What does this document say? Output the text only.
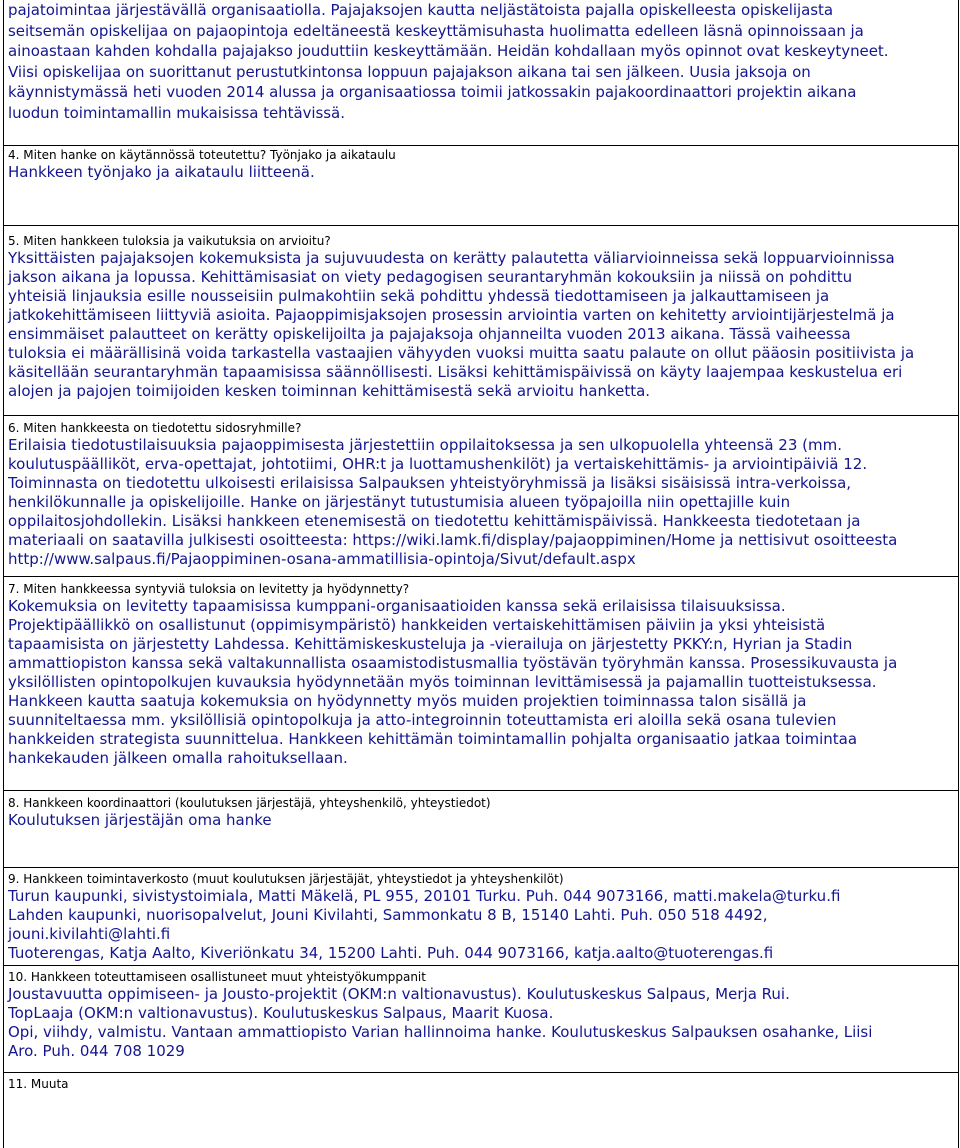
pajatoimintaa järjestävällä organisaatiolla. Pajajaksojen kautta neljästätoista pajalla opiskelleesta opiskelijasta

seitsemän opiskelijaa on pajaopintoja edeltäneestä keskeyttämisuhasta huolimatta edelleen läsnä opinnoissaan ja

ainoastaan kahden kohdalla pajajakso jouduttiin keskeyttämään. Heidän kohdallaan myös opinnot ovat keskeytyneet.

Viisi opiskelijaa on suorittanut perustutkintonsa loppuun pajajakson aikana tai sen jälkeen. Uusia jaksoja on

käynnistymässä heti vuoden 2014 alussa ja organisaatiossa toimii jatkossakin pajakoordinaattori projektin aikana

luodun toimintamallin mukaisissa tehtävissä.

4. Miten hanke on käytännössä toteutettu? Työnjako ja aikataulu

Hankkeen työnjako ja aikataulu liitteenä.

5. Miten hankkeen tuloksia ja vaikutuksia on arvioitu?

Yksittäisten pajajaksojen kokemuksista ja sujuvuudesta on kerätty palautetta väliarvioinneissa sekä loppuarvioinnissa

jakson aikana ja lopussa. Kehittämisasiat on viety pedagogisen seurantaryhmän kokouksiin ja niissä on pohdittu

yhteisiä linjauksia esille nousseisiin pulmakohtiin sekä pohdittu yhdessä tiedottamiseen ja jalkauttamiseen ja

jatkokehittämiseen liittyviä asioita. Pajaoppimisjaksojen prosessin arviointia varten on kehitetty arviointijärjestelmä ja

ensimmäiset palautteet on kerätty opiskelijoilta ja pajajaksoja ohjanneilta vuoden 2013 aikana. Tässä vaiheessa

tuloksia ei määrällisinä voida tarkastella vastaajien vähyyden vuoksi muitta saatu palaute on ollut pääosin positiivista ja

käsitellään seurantaryhmän tapaamisissa säännöllisesti. Lisäksi kehittämispäivissä on käyty laajempaa keskustelua eri

alojen ja pajojen toimijoiden kesken toiminnan kehittämisestä sekä arvioitu hanketta.

6. Miten hankkeesta on tiedotettu sidosryhmille?

Erilaisia tiedotustilaisuuksia pajaoppimisesta järjestettiin oppilaitoksessa ja sen ulkopuolella yhteensä 23 (mm.

koulutuspäälliköt, erva-opettajat, johtotiimi, OHR:t ja luottamushenkilöt) ja vertaiskehittämis- ja arviointipäiviä 12.

Toiminnasta on tiedotettu ulkoisesti erilaisissa Salpauksen yhteistyöryhmissä ja lisäksi sisäisissä intra-verkoissa,

henkilökunnalle ja opiskelijoille. Hanke on järjestänyt tutustumisia alueen työpajoilla niin opettajille kuin

oppilaitosjohdollekin. Lisäksi hankkeen etenemisestä on tiedotettu kehittämispäivissä. Hankkeesta tiedotetaan ja

materiaali on saatavilla julkisesti osoitteesta: https://wiki.lamk.fi/display/pajaoppiminen/Home ja nettisivut osoitteesta

http://www.salpaus.fi/Pajaoppiminen-osana-ammatillisia-opintoja/Sivut/default.aspx

7. Miten hankkeessa syntyviä tuloksia on levitetty ja hyödynnetty?

Kokemuksia on levitetty tapaamisissa kumppani-organisaatioiden kanssa sekä erilaisissa tilaisuuksissa.

Projektipäällikkö on osallistunut (oppimisympäristö) hankkeiden vertaiskehittämisen päiviin ja yksi yhteisistä

tapaamisista on järjestetty Lahdessa. Kehittämiskeskusteluja ja -vierailuja on järjestetty PKKY:n, Hyrian ja Stadin

ammattiopiston kanssa sekä valtakunnallista osaamistodistusmallia työstävän työryhmän kanssa. Prosessikuvausta ja

yksilöllisten opintopolkujen kuvauksia hyödynnetään myös toiminnan levittämisessä ja pajamallin tuotteistuksessa.

Hankkeen kautta saatuja kokemuksia on hyödynnetty myös muiden projektien toiminnassa talon sisällä ja

suunniteltaessa mm. yksilöllisiä opintopolkuja ja atto-integroinnin toteuttamista eri aloilla sekä osana tulevien

hankkeiden strategista suunnittelua. Hankkeen kehittämän toimintamallin pohjalta organisaatio jatkaa toimintaa

hankekauden jälkeen omalla rahoituksellaan.

8. Hankkeen koordinaattori (koulutuksen järjestäjä, yhteyshenkilö, yhteystiedot)

Koulutuksen järjestäjän oma hanke

9. Hankkeen toimintaverkosto (muut koulutuksen järjestäjät, yhteystiedot ja yhteyshenkilöt)

Turun kaupunki, sivistystoimiala, Matti Mäkelä, PL 955, 20101 Turku. Puh. 044 9073166, matti.makela@turku.fi

Lahden kaupunki, nuorisopalvelut, Jouni Kivilahti, Sammonkatu 8 B, 15140 Lahti. Puh. 050 518 4492,

jouni.kivilahti@lahti.fi

Tuoterengas, Katja Aalto, Kiveriönkatu 34, 15200 Lahti. Puh. 044 9073166, katja.aalto@tuoterengas.fi

10. Hankkeen toteuttamiseen osallistuneet muut yhteistyökumppanit

Joustavuutta oppimiseen- ja Jousto-projektit (OKM:n valtionavustus). Koulutuskeskus Salpaus, Merja Rui.

TopLaaja (OKM:n valtionavustus). Koulutuskeskus Salpaus, Maarit Kuosa.

Opi, viihdy, valmistu. Vantaan ammattiopisto Varian hallinnoima hanke. Koulutuskeskus Salpauksen osahanke, Liisi

Aro. Puh. 044 708 1029

11. Muuta
